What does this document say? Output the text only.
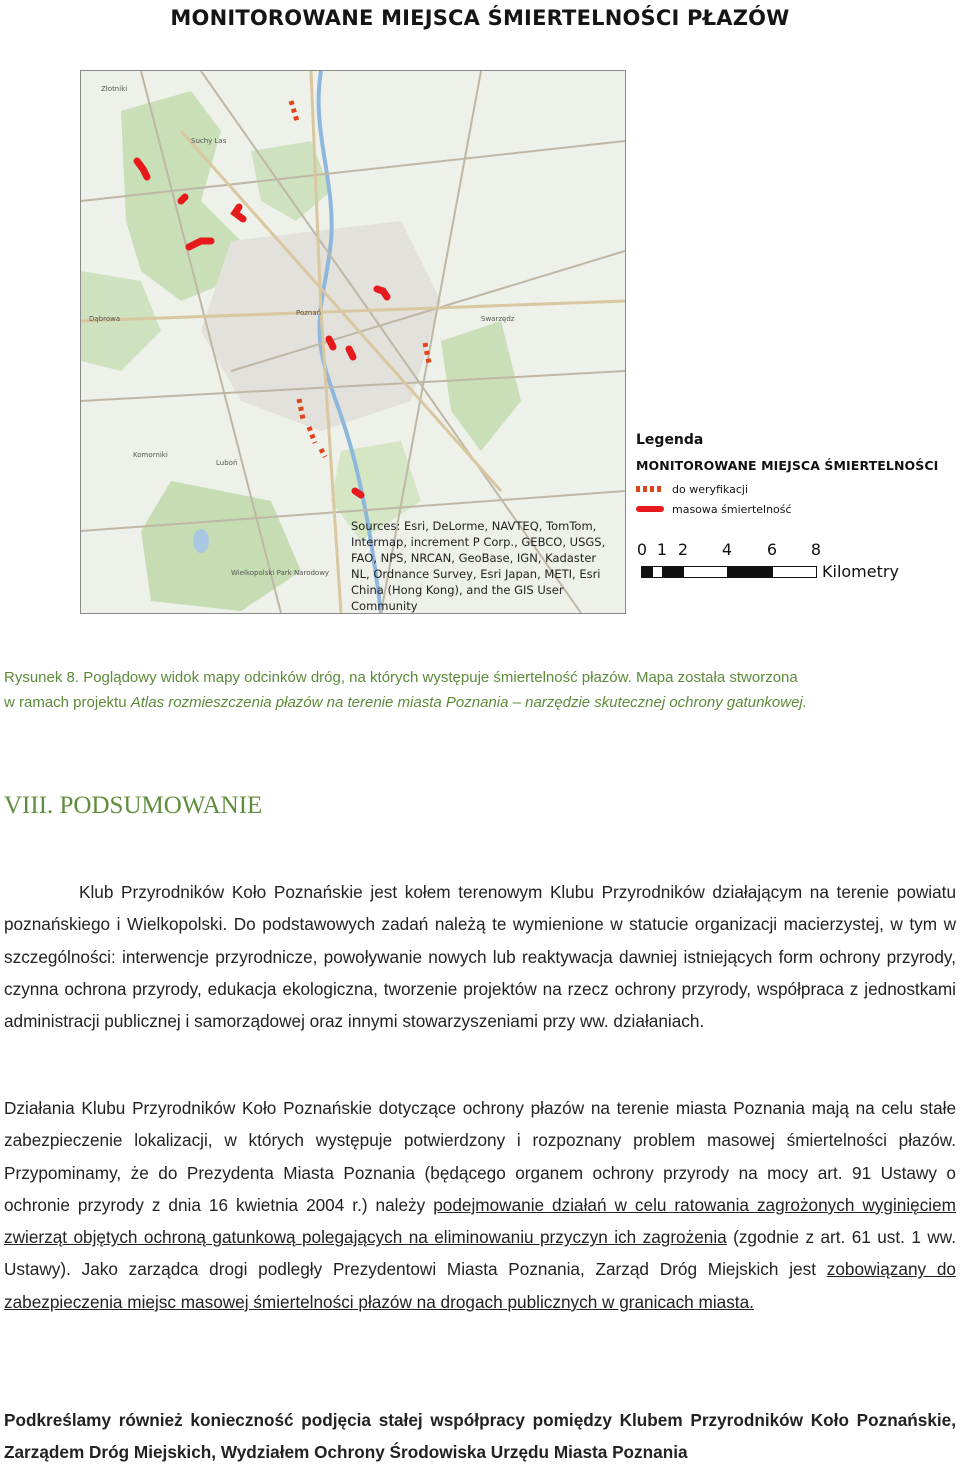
MONITOROWANE MIEJSCA ŚMIERTELNOŚCI PŁAZÓW
Poznań
Swarzędz
Luboń
Komorniki
Wielkopolski Park Narodowy
Suchy Las
Złotniki
Dąbrowa
Sources: Esri, DeLorme, NAVTEQ, TomTom,
Intermap, increment P Corp., GEBCO, USGS,
FAO, NPS, NRCAN, GeoBase, IGN, Kadaster
NL, Ordnance Survey, Esri Japan, METI, Esri
China (Hong Kong), and the GIS User
Community
Legenda
MONITOROWANE MIEJSCA ŚMIERTELNOŚCI
do weryfikacji
masowa śmiertelność
0 1 2 4 6 8
Kilometry
Rysunek 8. Poglądowy widok mapy odcinków dróg, na których występuje śmiertelność płazów. Mapa została stworzona
w ramach projektu Atlas rozmieszczenia płazów na terenie miasta Poznania – narzędzie skutecznej ochrony gatunkowej.
VIII. PODSUMOWANIE
Klub Przyrodników Koło Poznańskie jest kołem terenowym Klubu Przyrodników działającym na terenie powiatu poznańskiego i Wielkopolski. Do podstawowych zadań należą te wymienione w statucie organizacji macierzystej, w tym w szczególności: interwencje przyrodnicze, powoływanie nowych lub reaktywacja dawniej istniejących form ochrony przyrody, czynna ochrona przyrody, edukacja ekologiczna, tworzenie projektów na rzecz ochrony przyrody, współpraca z jednostkami administracji publicznej i samorządowej oraz innymi stowarzyszeniami przy ww. działaniach.
Działania Klubu Przyrodników Koło Poznańskie dotyczące ochrony płazów na terenie miasta Poznania mają na celu stałe zabezpieczenie lokalizacji, w których występuje potwierdzony i rozpoznany problem masowej śmiertelności płazów. Przypominamy, że do Prezydenta Miasta Poznania (będącego organem ochrony przyrody na mocy art. 91 Ustawy o ochronie przyrody z dnia 16 kwietnia 2004 r.) należy podejmowanie działań w celu ratowania zagrożonych wyginięciem zwierząt objętych ochroną gatunkową polegających na eliminowaniu przyczyn ich zagrożenia (zgodnie z art. 61 ust. 1 ww. Ustawy). Jako zarządca drogi podległy Prezydentowi Miasta Poznania, Zarząd Dróg Miejskich jest zobowiązany do zabezpieczenia miejsc masowej śmiertelności płazów na drogach publicznych w granicach miasta.
Podkreślamy również konieczność podjęcia stałej współpracy pomiędzy Klubem Przyrodników Koło Poznańskie, Zarządem Dróg Miejskich, Wydziałem Ochrony Środowiska Urzędu Miasta Poznania
